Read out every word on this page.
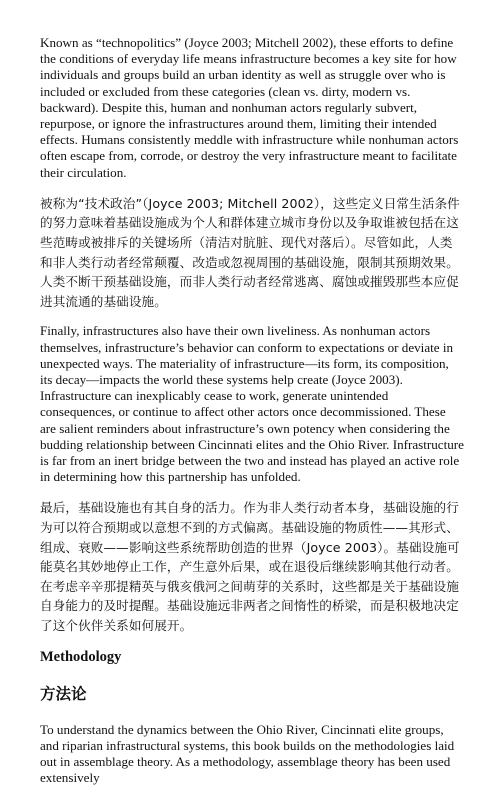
Known as “technopolitics” (Joyce 2003; Mitchell 2002), these efforts to define the conditions of everyday life means infrastructure becomes a key site for how individuals and groups build an urban identity as well as struggle over who is included or excluded from these categories (clean vs. dirty, modern vs. backward). Despite this, human and nonhuman actors regularly subvert, repurpose, or ignore the infrastructures around them, limiting their intended effects. Humans consistently meddle with infrastructure while nonhuman actors often escape from, corrode, or destroy the very infrastructure meant to facilitate their circulation.

被称为“技术政治”（Joyce 2003; Mitchell 2002），这些定义日常生活条件的努力意味着基础设施成为个人和群体建立城市身份以及争取谁被包括在这些范畴或被排斥的关键场所（清洁对肮脏、现代对落后）。尽管如此，人类和非人类行动者经常颠覆、改造或忽视周围的基础设施，限制其预期效果。人类不断干预基础设施，而非人类行动者经常逃离、腐蚀或摧毁那些本应促进其流通的基础设施。

Finally, infrastructures also have their own liveliness. As nonhuman actors themselves, infrastructure’s behavior can conform to expectations or deviate in unexpected ways. The materiality of infrastructure—its form, its composition, its decay—impacts the world these systems help create (Joyce 2003). Infrastructure can inexplicably cease to work, generate unintended consequences, or continue to affect other actors once decommissioned. These are salient reminders about infrastructure’s own potency when considering the budding relationship between Cincinnati elites and the Ohio River. Infrastructure is far from an inert bridge between the two and instead has played an active role in determining how this partnership has unfolded.

最后，基础设施也有其自身的活力。作为非人类行动者本身，基础设施的行为可以符合预期或以意想不到的方式偏离。基础设施的物质性——其形式、组成、衰败——影响这些系统帮助创造的世界（Joyce 2003）。基础设施可能莫名其妙地停止工作，产生意外后果，或在退役后继续影响其他行动者。在考虑辛辛那提精英与俄亥俄河之间萌芽的关系时，这些都是关于基础设施自身能力的及时提醒。基础设施远非两者之间惰性的桥梁，而是积极地决定了这个伙伴关系如何展开。

Methodology
方法论

To understand the dynamics between the Ohio River, Cincinnati elite groups, and riparian infrastructural systems, this book builds on the methodologies laid out in assemblage theory. As a methodology, assemblage theory has been used extensively
